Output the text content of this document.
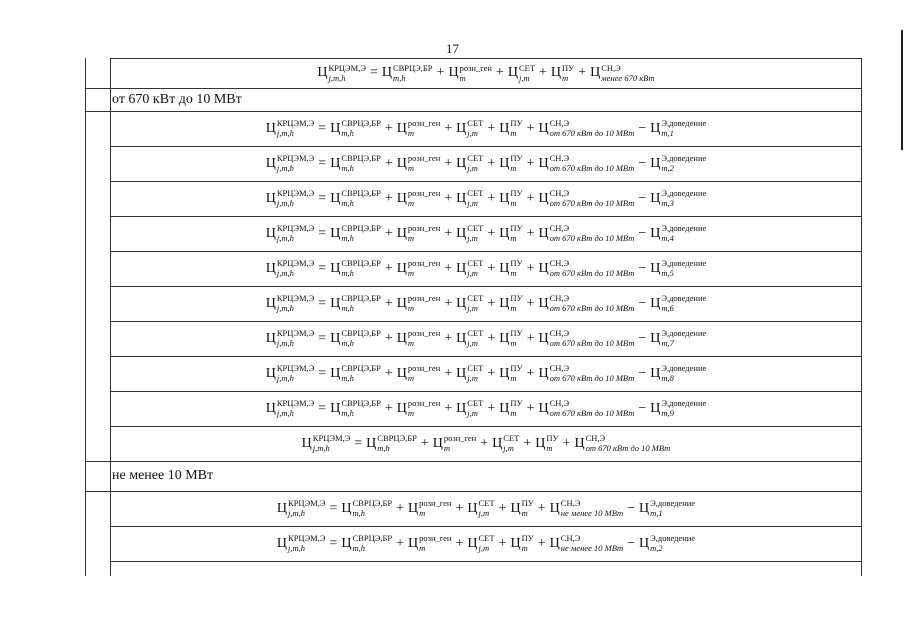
17
Ц КРЦЭМ,Э
j,m,h	= Ц СВРЦЭ,БР
m,h	+ Ц розн_ген
m	+ Ц СЕТ
j,m + Ц ПУ
m + Ц СН,Э
менее 670 кВт
от 670 кВт до 10 МВт
Ц КРЦЭМ,Э
j,m,h	= Ц СВРЦЭ,БР
m,h	+ Ц розн_ген
m	+ Ц СЕТ
j,m + Ц ПУ
m + Ц СН,Э
от 670 кВт до 10 МВт − Ц Э,доведение
m,1
Ц КРЦЭМ,Э
j,m,h	= Ц СВРЦЭ,БР
m,h	+ Ц розн_ген
m	+ Ц СЕТ
j,m + Ц ПУ
m + Ц СН,Э
от 670 кВт до 10 МВт − Ц Э,доведение
m,2
Ц КРЦЭМ,Э
j,m,h	= Ц СВРЦЭ,БР
m,h	+ Ц розн_ген
m	+ Ц СЕТ
j,m + Ц ПУ
m + Ц СН,Э
от 670 кВт до 10 МВт − Ц Э,доведение
m,3
Ц КРЦЭМ,Э
j,m,h	= Ц СВРЦЭ,БР
m,h	+ Ц розн_ген
m	+ Ц СЕТ
j,m + Ц ПУ
m + Ц СН,Э
от 670 кВт до 10 МВт − Ц Э,доведение
m,4
Ц КРЦЭМ,Э
j,m,h	= Ц СВРЦЭ,БР
m,h	+ Ц розн_ген
m	+ Ц СЕТ
j,m + Ц ПУ
m + Ц СН,Э
от 670 кВт до 10 МВт − Ц Э,доведение
m,5
Ц КРЦЭМ,Э
j,m,h	= Ц СВРЦЭ,БР
m,h	+ Ц розн_ген
m	+ Ц СЕТ
j,m + Ц ПУ
m + Ц СН,Э
от 670 кВт до 10 МВт − Ц Э,доведение
m,6
Ц КРЦЭМ,Э
j,m,h	= Ц СВРЦЭ,БР
m,h	+ Ц розн_ген
m	+ Ц СЕТ
j,m + Ц ПУ
m + Ц СН,Э
от 670 кВт до 10 МВт − Ц Э,доведение
m,7
Ц КРЦЭМ,Э
j,m,h	= Ц СВРЦЭ,БР
m,h	+ Ц розн_ген
m	+ Ц СЕТ
j,m + Ц ПУ
m + Ц СН,Э
от 670 кВт до 10 МВт − Ц Э,доведение
m,8
Ц КРЦЭМ,Э
j,m,h	= Ц СВРЦЭ,БР
m,h	+ Ц розн_ген
m	+ Ц СЕТ
j,m + Ц ПУ
m + Ц СН,Э
от 670 кВт до 10 МВт − Ц Э,доведение
m,9
Ц КРЦЭМ,Э
j,m,h	= Ц СВРЦЭ,БР
m,h	+ Ц розн_ген
m	+ Ц СЕТ
j,m + Ц ПУ
m + Ц СН,Э
от 670 кВт до 10 МВт
не менее 10 МВт
Ц КРЦЭМ,Э
j,m,h	= Ц СВРЦЭ,БР
m,h	+ Ц розн_ген
m	+ Ц СЕТ
j,m + Ц ПУ
m + Ц СН,Э
не менее 10 МВт − Ц Э,доведение
m,1
Ц КРЦЭМ,Э
j,m,h	= Ц СВРЦЭ,БР
m,h	+ Ц розн_ген
m	+ Ц СЕТ
j,m + Ц ПУ
m + Ц СН,Э
не менее 10 МВт − Ц Э,доведение
m,2
